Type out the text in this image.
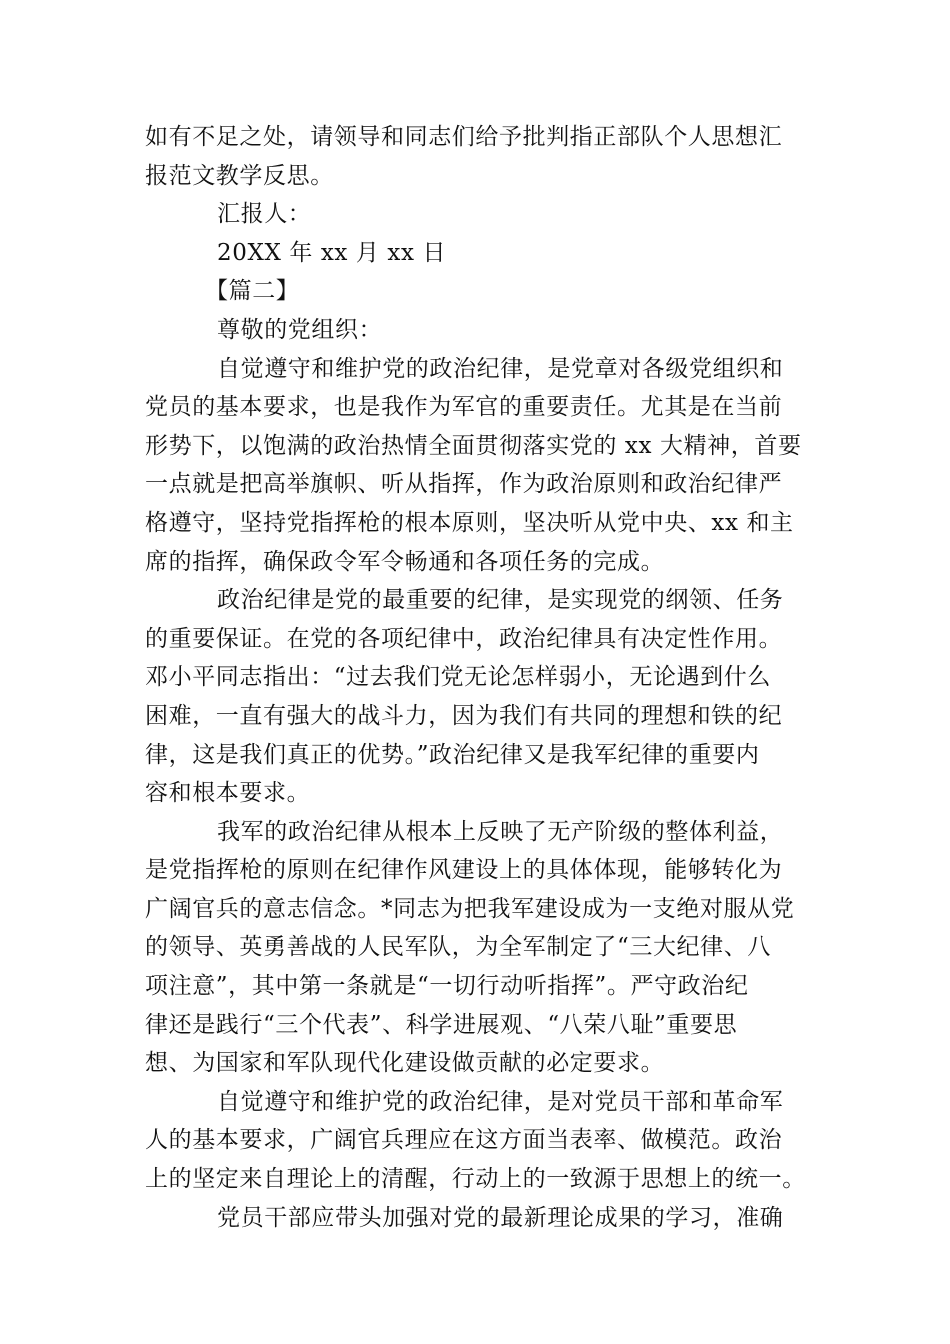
如有不足之处，请领导和同志们给予批判指正部队个人思想汇
报范文教学反思。
汇报人：
20XX 年 xx 月 xx 日
【篇二】
尊敬的党组织：
自觉遵守和维护党的政治纪律，是党章对各级党组织和
党员的基本要求，也是我作为军官的重要责任。尤其是在当前
形势下，以饱满的政治热情全面贯彻落实党的 xx 大精神，首要
一点就是把高举旗帜、听从指挥，作为政治原则和政治纪律严
格遵守，坚持党指挥枪的根本原则，坚决听从党中央、xx 和主
席的指挥，确保政令军令畅通和各项任务的完成。
政治纪律是党的最重要的纪律，是实现党的纲领、任务
的重要保证。在党的各项纪律中，政治纪律具有决定性作用。
邓小平同志指出：“过去我们党无论怎样弱小，无论遇到什么
困难，一直有强大的战斗力，因为我们有共同的理想和铁的纪
律，这是我们真正的优势。”政治纪律又是我军纪律的重要内
容和根本要求。
我军的政治纪律从根本上反映了无产阶级的整体利益，
是党指挥枪的原则在纪律作风建设上的具体体现，能够转化为
广阔官兵的意志信念。*同志为把我军建设成为一支绝对服从党
的领导、英勇善战的人民军队，为全军制定了“三大纪律、八
项注意”，其中第一条就是“一切行动听指挥”。严守政治纪
律还是践行“三个代表”、科学进展观、“八荣八耻”重要思
想、为国家和军队现代化建设做贡献的必定要求。
自觉遵守和维护党的政治纪律，是对党员干部和革命军
人的基本要求，广阔官兵理应在这方面当表率、做模范。政治
上的坚定来自理论上的清醒，行动上的一致源于思想上的统一。
党员干部应带头加强对党的最新理论成果的学习，准确
